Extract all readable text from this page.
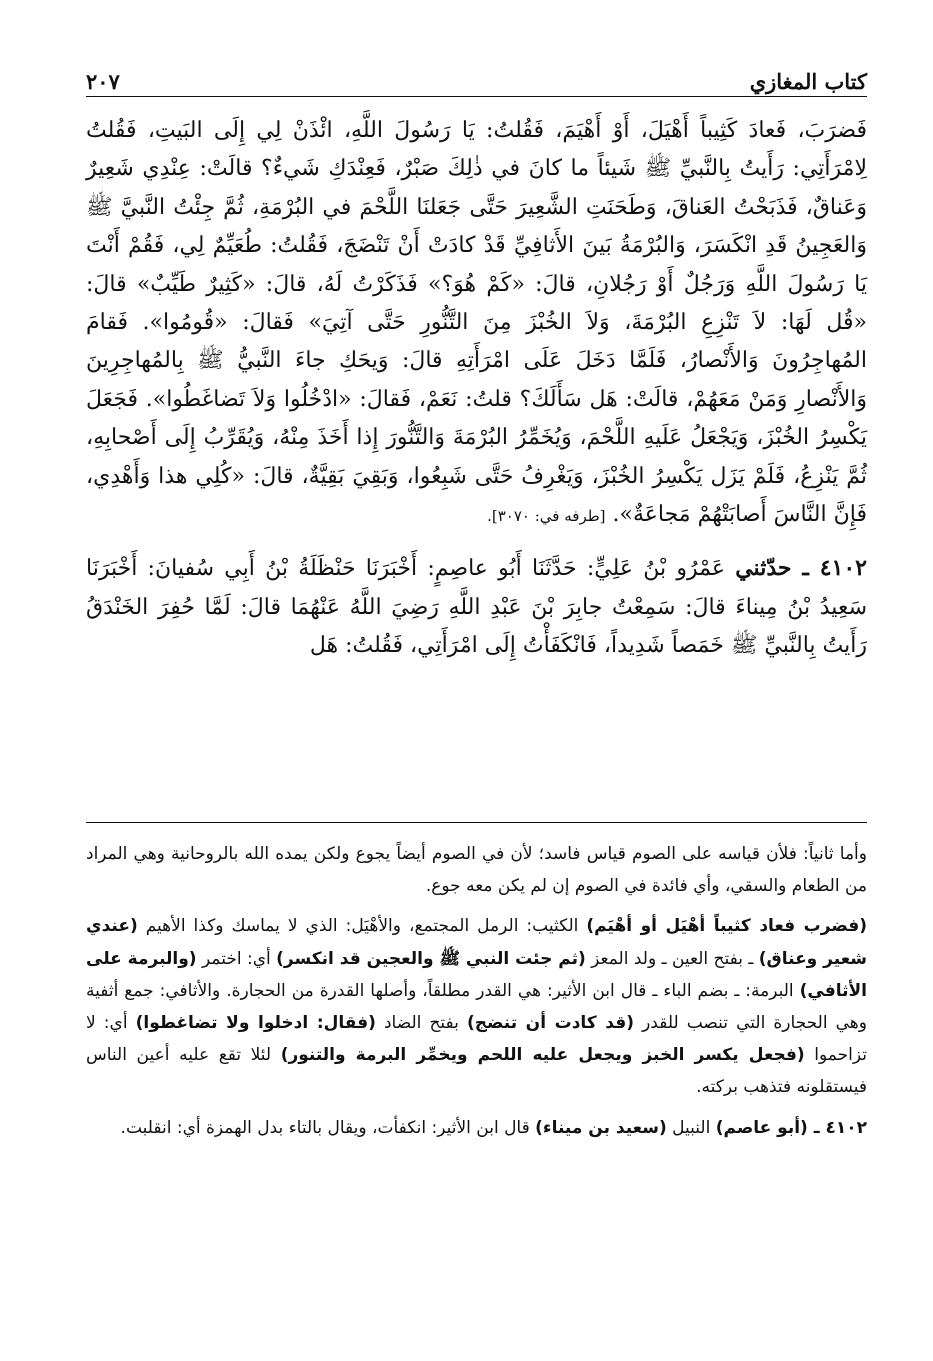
كتاب المغازي
٢٠٧

فَضرَبَ، فَعادَ كَثِيباً أَهْيَلَ، أَوْ أَهْيَمَ، فَقُلتُ: يَا رَسُولَ اللَّهِ، ائْذَنْ لِي إِلَى البَيتِ، فَقُلتُ لِامْرَأَتِي: رَأَيتُ بِالنَّبيِّ ﷺ شَيئاً ما كانَ في ذٰلِكَ صَبْرٌ، فَعِنْدَكِ شَيءٌ؟ قالَتْ: عِنْدِي شَعِيرٌ وَعَناقٌ، فَذَبَحْتُ العَناقَ، وَطَحَنَتِ الشَّعِيرَ حَتَّى جَعَلنَا اللَّحْمَ في البُرْمَةِ، ثُمَّ جِئْتُ النَّبيَّ ﷺ وَالعَجِينُ قَدِ انْكَسَرَ، وَالبُرْمَةُ بَينَ الأَثافِيِّ قَدْ كادَتْ أَنْ تَنْضَجَ، فَقُلتُ: طُعَيِّمٌ لِي، فَقُمْ أَنْتَ يَا رَسُولَ اللَّهِ وَرَجُلٌ أَوْ رَجُلانِ، قالَ: «كَمْ هُوَ؟» فَذَكَرْتُ لَهُ، قالَ: «كَثِيرٌ طَيِّبٌ» قالَ: «قُل لَهَا: لاَ تَنْزِعِ البُرْمَةَ، وَلاَ الخُبْزَ مِنَ التَّنُّورِ حَتَّى آتِيَ» فَقالَ: «قُومُوا». فَقامَ المُهاجِرُونَ وَالأَنْصارُ، فَلَمَّا دَخَلَ عَلَى امْرَأَتِهِ قالَ: وَيحَكِ جاءَ النَّبيُّ ﷺ بِالمُهاجِرِينَ وَالأَنْصارِ وَمَنْ مَعَهُمْ، قالَتْ: هَل سَأَلَكَ؟ قلتُ: نَعَمْ، فَقالَ: «ادْخُلُوا وَلاَ تَضاغَطُوا». فَجَعَلَ يَكْسِرُ الخُبْزَ، وَيَجْعَلُ عَلَيهِ اللَّحْمَ، وَيُخَمِّرُ البُرْمَةَ وَالتَّنُّورَ إِذا أَخَذَ مِنْهُ، وَيُقَرِّبُ إِلَى أَصْحابِهِ، ثُمَّ يَنْزِعُ، فَلَمْ يَزَل يَكْسِرُ الخُبْزَ، وَيَغْرِفُ حَتَّى شَبِعُوا، وَبَقِيَ بَقِيَّةٌ، قالَ: «كُلِي هذا وَأَهْدِي، فَإِنَّ النَّاسَ أَصابَتْهُمْ مَجاعَةٌ». [طرفه في: ٣٠٧٠].

٤١٠٢ ـ حدّثني عَمْرُو بْنُ عَلِيٍّ: حَدَّثَنَا أَبُو عاصِمٍ: أَخْبَرَنَا حَنْظَلَةُ بْنُ أَبِي سُفيانَ: أَخْبَرَنَا سَعِيدُ بْنُ مِيناءَ قالَ: سَمِعْتُ جابِرَ بْنَ عَبْدِ اللَّهِ رَضِيَ اللَّهُ عَنْهُمَا قالَ: لَمَّا حُفِرَ الخَنْدَقُ رَأَيتُ بِالنَّبيِّ ﷺ خَمَصاً شَدِيداً، فَانْكَفَأْتُ إِلَى امْرَأَتِي، فَقُلتُ: هَل

وأما ثانياً: فلأن قياسه على الصوم قياس فاسد؛ لأن في الصوم أيضاً يجوع ولكن يمده الله بالروحانية وهي المراد من الطعام والسقي، وأي فائدة في الصوم إن لم يكن معه جوع.

(فضرب فعاد كثيباً أهْيَل أو أهْيَم) الكثيب: الرمل المجتمع، والأهْيَل: الذي لا يماسك وكذا الأهيم (عندي شعير وعناق) ـ بفتح العين ـ ولد المعز (ثم جئت النبي ﷺ والعجين قد انكسر) أي: اختمر (والبرمة على الأثافي) البرمة: ـ بضم الباء ـ قال ابن الأثير: هي القدر مطلقاً، وأصلها القدرة من الحجارة. والأثافي: جمع أثفية وهي الحجارة التي تنصب للقدر (قد كادت أن تنضج) بفتح الضاد (فقال: ادخلوا ولا تضاغطوا) أي: لا تزاحموا (فجعل يكسر الخبز ويجعل عليه اللحم ويخمِّر البرمة والتنور) لئلا تقع عليه أعين الناس فيستقلونه فتذهب بركته.

٤١٠٢ ـ (أبو عاصم) النبيل (سعيد بن ميناء) قال ابن الأثير: انكفأت، ويقال بالتاء بدل الهمزة أي: انقلبت.
